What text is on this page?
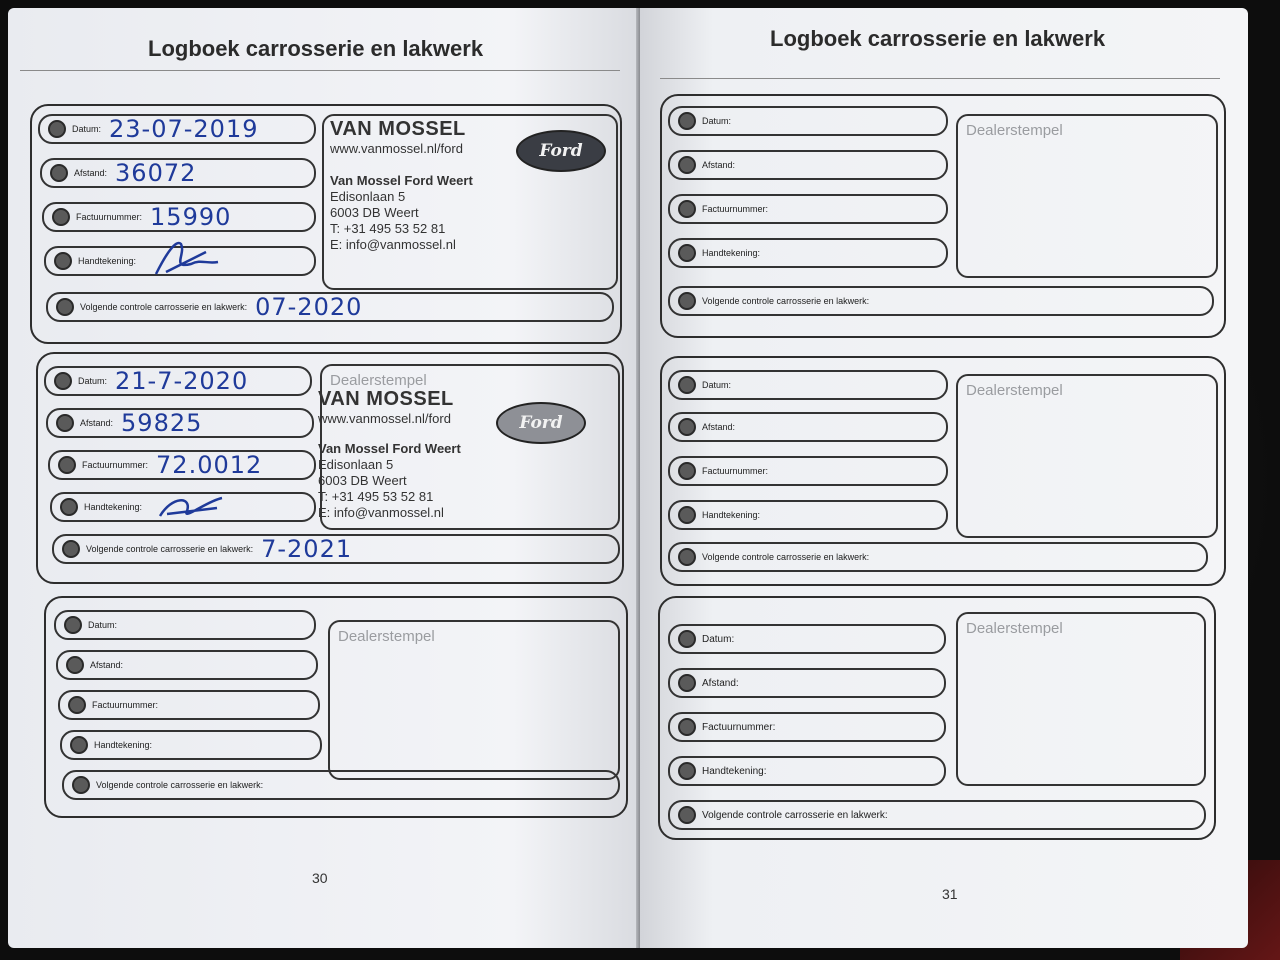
Logboek carrosserie en lakwerk
Datum: 23-07-2019
Afstand: 36072
Factuurnummer: 15990
Handtekening:
Volgende controle carrosserie en lakwerk: 07-2020
VAN MOSSEL
www.vanmossel.nl/ford
Van Mossel Ford Weert
Edisonlaan 5
6003 DB Weert
T: +31 495 53 52 81
E: info@vanmossel.nl
Ford
Datum: 21-7-2020
Afstand: 59825
Factuurnummer: 72.0012
Handtekening:
Volgende controle carrosserie en lakwerk: 7-2021
Dealerstempel
VAN MOSSEL
www.vanmossel.nl/ford
Van Mossel Ford Weert
Edisonlaan 5
6003 DB Weert
T: +31 495 53 52 81
E: info@vanmossel.nl
Ford
Datum:
Afstand:
Factuurnummer:
Handtekening:
Volgende controle carrosserie en lakwerk:
Dealerstempel
30
Logboek carrosserie en lakwerk
Datum:
Afstand:
Factuurnummer:
Handtekening:
Volgende controle carrosserie en lakwerk:
Dealerstempel
Datum:
Afstand:
Factuurnummer:
Handtekening:
Volgende controle carrosserie en lakwerk:
Dealerstempel
Datum:
Afstand:
Factuurnummer:
Handtekening:
Volgende controle carrosserie en lakwerk:
Dealerstempel
31
